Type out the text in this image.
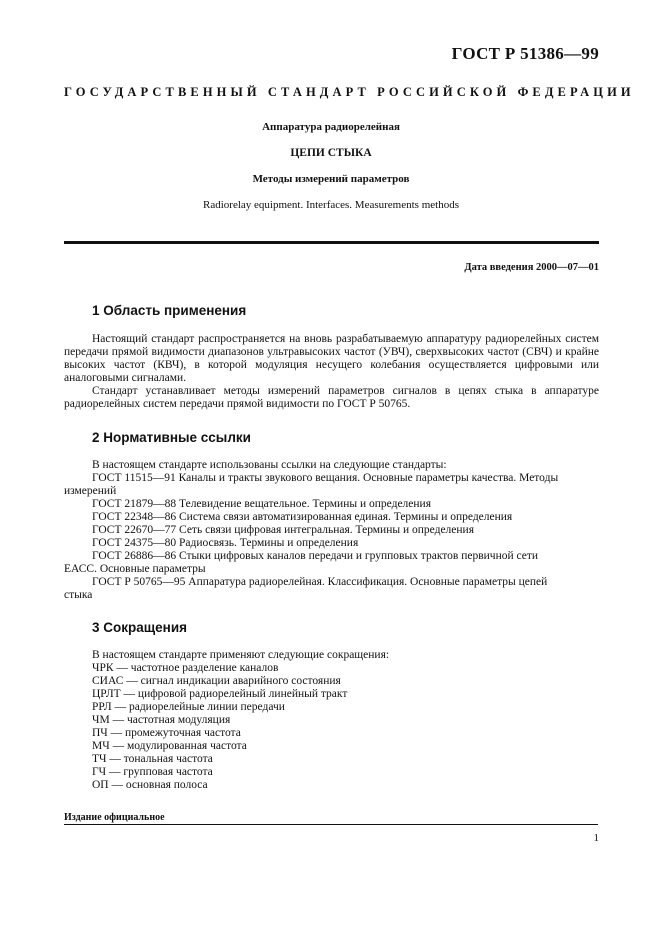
ГОСТ Р 51386—99
ГОСУДАРСТВЕННЫЙ СТАНДАРТ РОССИЙСКОЙ ФЕДЕРАЦИИ
Аппаратура радиорелейная
ЦЕПИ СТЫКА
Методы измерений параметров
Radiorelay equipment. Interfaces. Measurements methods
Дата введения 2000—07—01
1 Область применения

Настоящий стандарт распространяется на вновь разрабатываемую аппаратуру радиорелейных систем передачи прямой видимости диапазонов ультравысоких частот (УВЧ), сверхвысоких частот (СВЧ) и крайне высоких частот (КВЧ), в которой модуляция несущего колебания осуществляется цифровыми или аналоговыми сигналами.

Стандарт устанавливает методы измерений параметров сигналов в цепях стыка в аппаратуре радиорелейных систем передачи прямой видимости по ГОСТ Р 50765.

2 Нормативные ссылки
В настоящем стандарте использованы ссылки на следующие стандарты:
ГОСТ 11515—91 Каналы и тракты звукового вещания. Основные параметры качества. Методы
измерений
ГОСТ 21879—88 Телевидение вещательное. Термины и определения
ГОСТ 22348—86 Система связи автоматизированная единая. Термины и определения
ГОСТ 22670—77 Сеть связи цифровая интегральная. Термины и определения
ГОСТ 24375—80 Радиосвязь. Термины и определения
ГОСТ 26886—86 Стыки цифровых каналов передачи и групповых трактов первичной сети
ЕАСС. Основные параметры
ГОСТ Р 50765—95 Аппаратура радиорелейная. Классификация. Основные параметры цепей
стыка
3 Сокращения
В настоящем стандарте применяют следующие сокращения:
ЧРК — частотное разделение каналов
СИАС — сигнал индикации аварийного состояния
ЦРЛТ — цифровой радиорелейный линейный тракт
РРЛ — радиорелейные линии передачи
ЧМ — частотная модуляция
ПЧ — промежуточная частота
МЧ — модулированная частота
ТЧ — тональная частота
ГЧ — групповая частота
ОП — основная полоса
Издание официальное
1
